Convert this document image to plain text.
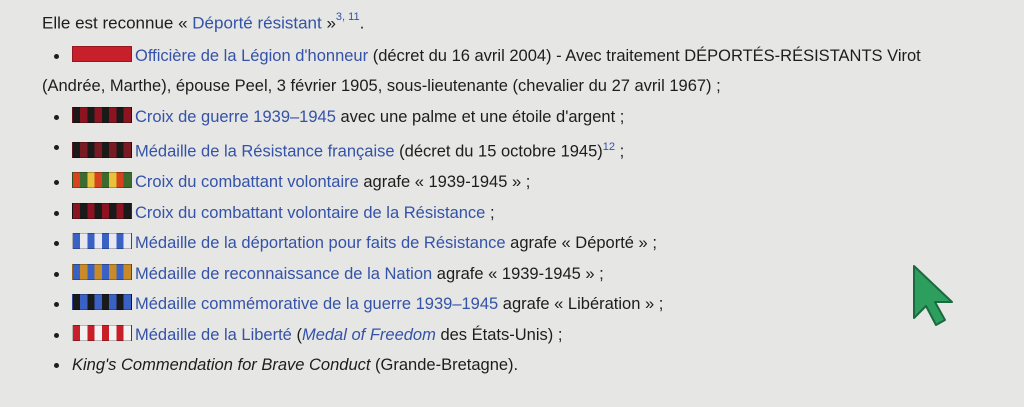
Elle est reconnue « Déporté résistant »$^{3, 11}$.

Officière de la Légion d'honneur (décret du 16 avril 2004) - Avec traitement DÉPORTÉS-RÉSISTANTS Virot
(Andrée, Marthe), épouse Peel, 3 février 1905, sous-lieutenante (chevalier du 27 avril 1967) ;
Croix de guerre 1939–1945 avec une palme et une étoile d'argent ;
Médaille de la Résistance française (décret du 15 octobre 1945)$^{12}$ ;
Croix du combattant volontaire agrafe « 1939-1945 » ;
Croix du combattant volontaire de la Résistance ;
Médaille de la déportation pour faits de Résistance agrafe « Déporté » ;
Médaille de reconnaissance de la Nation agrafe « 1939-1945 » ;
Médaille commémorative de la guerre 1939–1945 agrafe « Libération » ;
Médaille de la Liberté (Medal of Freedom des États-Unis) ;
King's Commendation for Brave Conduct (Grande-Bretagne).
